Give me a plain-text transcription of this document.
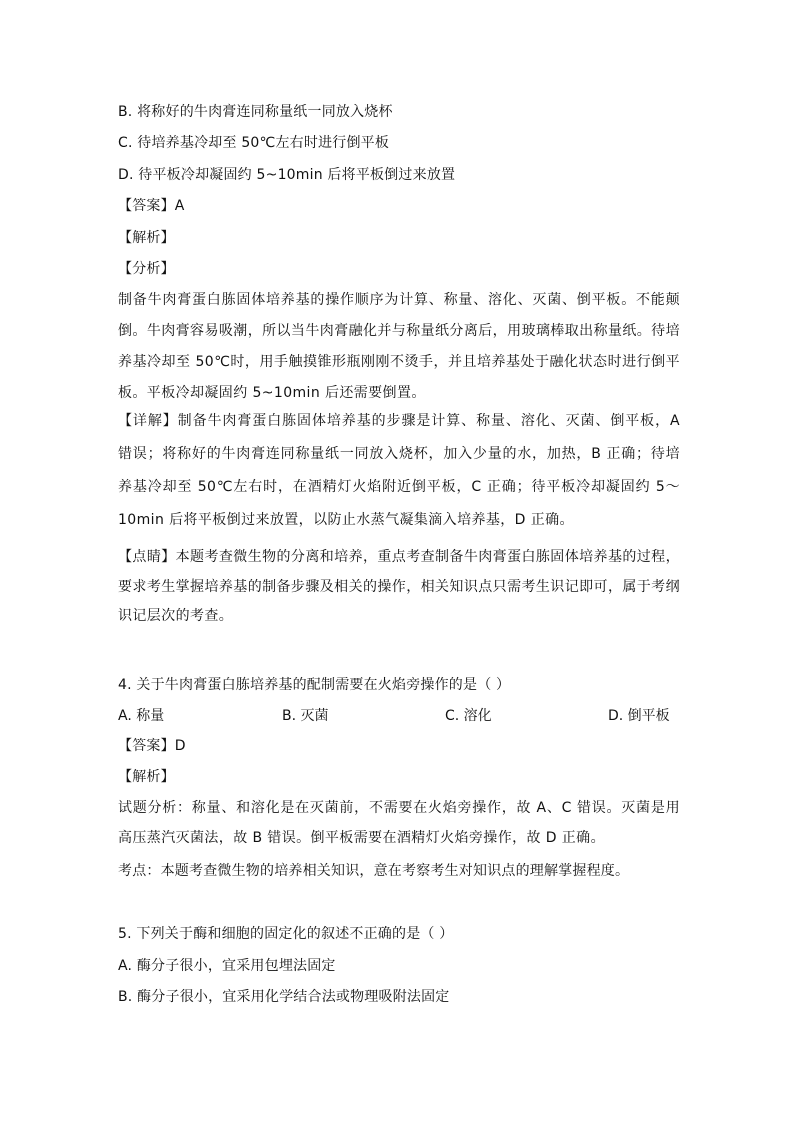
B. 将称好的牛肉膏连同称量纸一同放入烧杯
C. 待培养基冷却至 50℃左右时进行倒平板
D. 待平板冷却凝固约 5~10min 后将平板倒过来放置
【答案】A
【解析】
【分析】
制备牛肉膏蛋白胨固体培养基的操作顺序为计算、称量、溶化、灭菌、倒平板。不能颠倒。牛肉膏容易吸潮，所以当牛肉膏融化并与称量纸分离后，用玻璃棒取出称量纸。待培养基冷却至 50℃时，用手触摸锥形瓶刚刚不烫手，并且培养基处于融化状态时进行倒平板。平板冷却凝固约 5~10min 后还需要倒置。
【详解】制备牛肉膏蛋白胨固体培养基的步骤是计算、称量、溶化、灭菌、倒平板，A 错误；将称好的牛肉膏连同称量纸一同放入烧杯，加入少量的水，加热，B 正确；待培养基冷却至 50℃左右时，在酒精灯火焰附近倒平板，C 正确；待平板冷却凝固约 5～10min 后将平板倒过来放置，以防止水蒸气凝集滴入培养基，D 正确。
【点睛】本题考查微生物的分离和培养，重点考查制备牛肉膏蛋白胨固体培养基的过程，要求考生掌握培养基的制备步骤及相关的操作，相关知识点只需考生识记即可，属于考纲识记层次的考查。
4. 关于牛肉膏蛋白胨培养基的配制需要在火焰旁操作的是（ ）
A. 称量	B. 灭菌	C. 溶化	D. 倒平板
【答案】D
【解析】
试题分析：称量、和溶化是在灭菌前，不需要在火焰旁操作，故 A、C 错误。灭菌是用高压蒸汽灭菌法，故 B 错误。倒平板需要在酒精灯火焰旁操作，故 D 正确。
考点：本题考查微生物的培养相关知识，意在考察考生对知识点的理解掌握程度。
5. 下列关于酶和细胞的固定化的叙述不正确的是（ ）
A. 酶分子很小，宜采用包埋法固定
B. 酶分子很小，宜采用化学结合法或物理吸附法固定
